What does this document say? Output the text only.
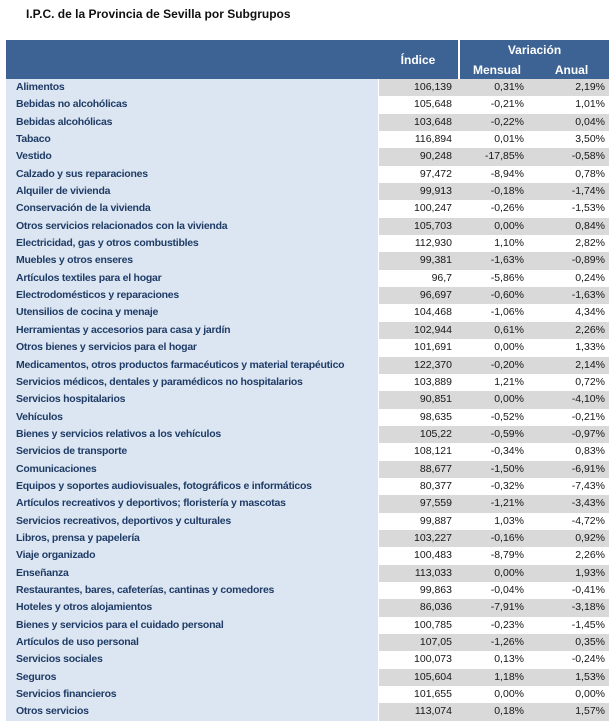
I.P.C. de la Provincia de Sevilla por Subgrupos
Índice
Variación
Mensual	Anual
Alimentos	106,139	0,31%	2,19%
Bebidas no alcohólicas	105,648	-0,21%	1,01%
Bebidas alcohólicas	103,648	-0,22%	0,04%
Tabaco	116,894	0,01%	3,50%
Vestido	90,248	-17,85%	-0,58%
Calzado y sus reparaciones	97,472	-8,94%	0,78%
Alquiler de vivienda	99,913	-0,18%	-1,74%
Conservación de la vivienda	100,247	-0,26%	-1,53%
Otros servicios relacionados con la vivienda	105,703	0,00%	0,84%
Electricidad, gas y otros combustibles	112,930	1,10%	2,82%
Muebles y otros enseres	99,381	-1,63%	-0,89%
Artículos textiles para el hogar	96,7	-5,86%	0,24%
Electrodomésticos y reparaciones	96,697	-0,60%	-1,63%
Utensilios de cocina y menaje	104,468	-1,06%	4,34%
Herramientas y accesorios para casa y jardín	102,944	0,61%	2,26%
Otros bienes y servicios para el hogar	101,691	0,00%	1,33%
Medicamentos, otros productos farmacéuticos y material terapéutico	122,370	-0,20%	2,14%
Servicios médicos, dentales y paramédicos no hospitalarios	103,889	1,21%	0,72%
Servicios hospitalarios	90,851	0,00%	-4,10%
Vehículos	98,635	-0,52%	-0,21%
Bienes y servicios relativos a los vehículos	105,22	-0,59%	-0,97%
Servicios de transporte	108,121	-0,34%	0,83%
Comunicaciones	88,677	-1,50%	-6,91%
Equipos y soportes audiovisuales, fotográficos e informáticos	80,377	-0,32%	-7,43%
Artículos recreativos y deportivos; floristería y mascotas	97,559	-1,21%	-3,43%
Servicios recreativos, deportivos y culturales	99,887	1,03%	-4,72%
Libros, prensa y papelería	103,227	-0,16%	0,92%
Viaje organizado	100,483	-8,79%	2,26%
Enseñanza	113,033	0,00%	1,93%
Restaurantes, bares, cafeterías, cantinas y comedores	99,863	-0,04%	-0,41%
Hoteles y otros alojamientos	86,036	-7,91%	-3,18%
Bienes y servicios para el cuidado personal	100,785	-0,23%	-1,45%
Artículos de uso personal	107,05	-1,26%	0,35%
Servicios sociales	100,073	0,13%	-0,24%
Seguros	105,604	1,18%	1,53%
Servicios financieros	101,655	0,00%	0,00%
Otros servicios	113,074	0,18%	1,57%
